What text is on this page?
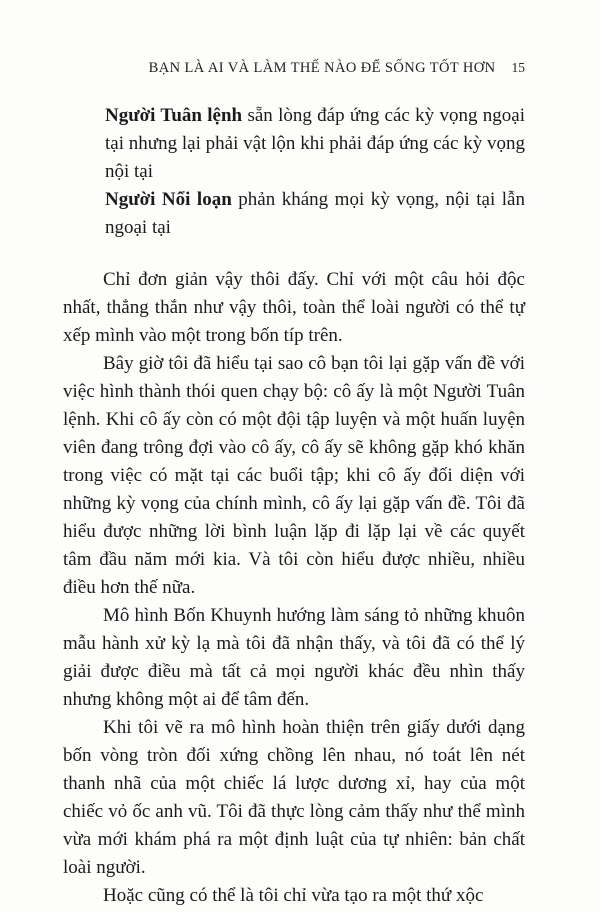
BẠN LÀ AI VÀ LÀM THẾ NÀO ĐỂ SỐNG TỐT HƠN 15

Người Tuân lệnh sẵn lòng đáp ứng các kỳ vọng ngoại tại nhưng lại phải vật lộn khi phải đáp ứng các kỳ vọng nội tại

Người Nổi loạn phản kháng mọi kỳ vọng, nội tại lẫn ngoại tại

Chỉ đơn giản vậy thôi đấy. Chỉ với một câu hỏi độc nhất, thẳng thắn như vậy thôi, toàn thể loài người có thể tự xếp mình vào một trong bốn típ trên.

Bây giờ tôi đã hiểu tại sao cô bạn tôi lại gặp vấn đề với việc hình thành thói quen chạy bộ: cô ấy là một Người Tuân lệnh. Khi cô ấy còn có một đội tập luyện và một huấn luyện viên đang trông đợi vào cô ấy, cô ấy sẽ không gặp khó khăn trong việc có mặt tại các buổi tập; khi cô ấy đối diện với những kỳ vọng của chính mình, cô ấy lại gặp vấn đề. Tôi đã hiểu được những lời bình luận lặp đi lặp lại về các quyết tâm đầu năm mới kia. Và tôi còn hiểu được nhiều, nhiều điều hơn thế nữa.

Mô hình Bốn Khuynh hướng làm sáng tỏ những khuôn mẫu hành xử kỳ lạ mà tôi đã nhận thấy, và tôi đã có thể lý giải được điều mà tất cả mọi người khác đều nhìn thấy nhưng không một ai để tâm đến.

Khi tôi vẽ ra mô hình hoàn thiện trên giấy dưới dạng bốn vòng tròn đối xứng chồng lên nhau, nó toát lên nét thanh nhã của một chiếc lá lược dương xỉ, hay của một chiếc vỏ ốc anh vũ. Tôi đã thực lòng cảm thấy như thể mình vừa mới khám phá ra một định luật của tự nhiên: bản chất loài người.

Hoặc cũng có thể là tôi chỉ vừa tạo ra một thứ xộc
